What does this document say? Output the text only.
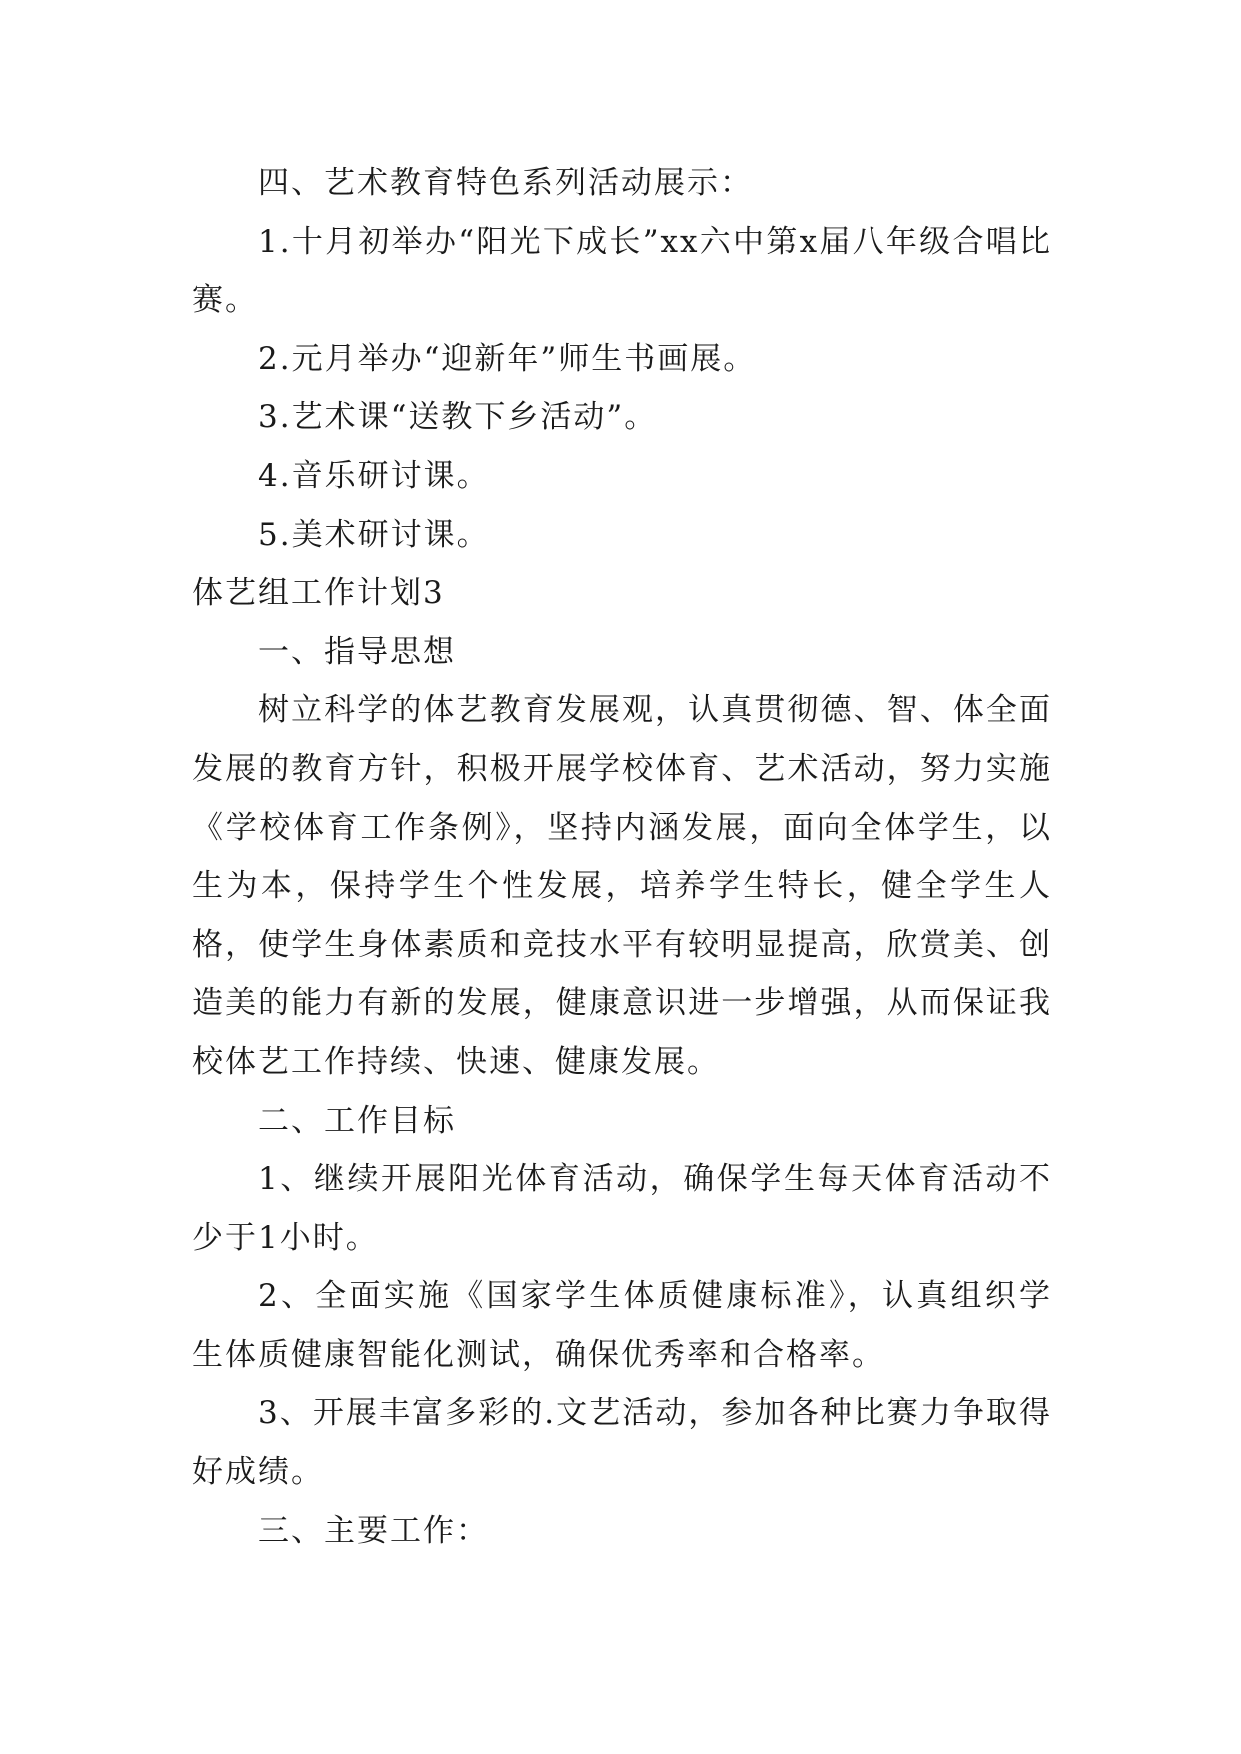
四、艺术教育特色系列活动展示：

1.十月初举办“阳光下成长”xx六中第x届八年级合唱比赛。

2.元月举办“迎新年”师生书画展。

3.艺术课“送教下乡活动”。

4.音乐研讨课。

5.美术研讨课。

体艺组工作计划3

一、指导思想

树立科学的体艺教育发展观，认真贯彻德、智、体全面发展的教育方针，积极开展学校体育、艺术活动，努力实施《学校体育工作条例》，坚持内涵发展，面向全体学生，以生为本，保持学生个性发展，培养学生特长，健全学生人格，使学生身体素质和竞技水平有较明显提高，欣赏美、创造美的能力有新的发展，健康意识进一步增强，从而保证我校体艺工作持续、快速、健康发展。

二、工作目标

1、继续开展阳光体育活动，确保学生每天体育活动不少于1小时。

2、全面实施《国家学生体质健康标准》，认真组织学生体质健康智能化测试，确保优秀率和合格率。

3、开展丰富多彩的.文艺活动，参加各种比赛力争取得好成绩。

三、主要工作：
